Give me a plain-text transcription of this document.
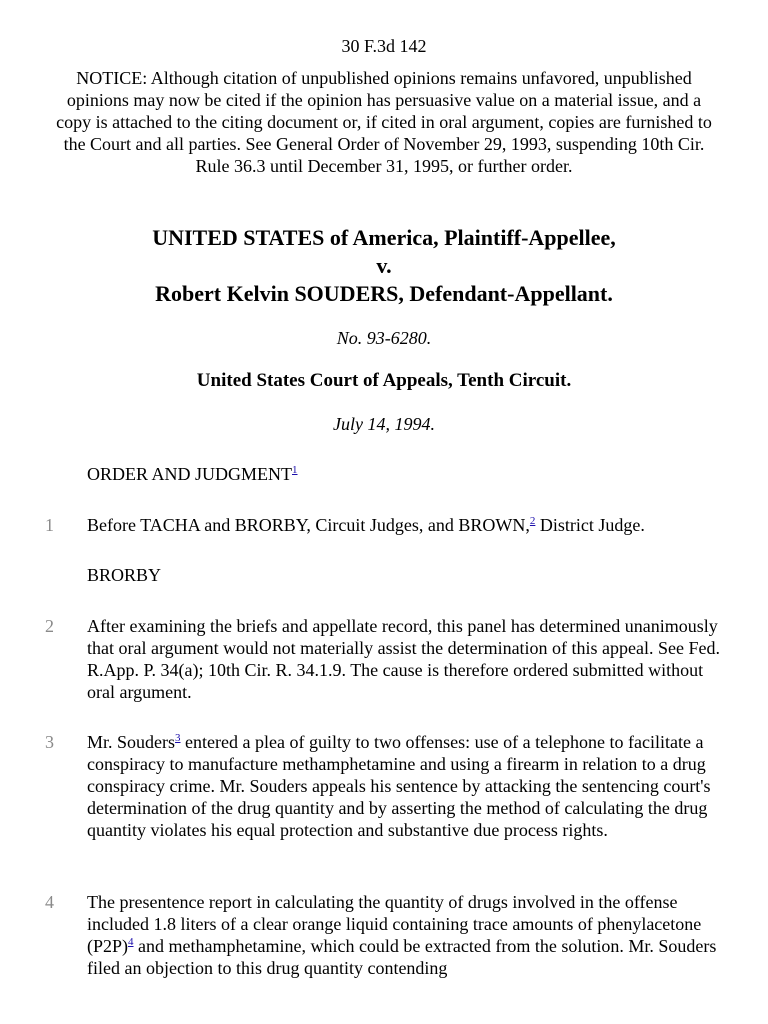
30 F.3d 142
NOTICE: Although citation of unpublished opinions remains unfavored, unpublished opinions may now be cited if the opinion has persuasive value on a material issue, and a copy is attached to the citing document or, if cited in oral argument, copies are furnished to the Court and all parties. See General Order of November 29, 1993, suspending 10th Cir. Rule 36.3 until December 31, 1995, or further order.
UNITED STATES of America, Plaintiff-Appellee,
v.
Robert Kelvin SOUDERS, Defendant-Appellant.
No. 93-6280.
United States Court of Appeals, Tenth Circuit.
July 14, 1994.
ORDER AND JUDGMENT$^1$
1	Before TACHA and BRORBY, Circuit Judges, and BROWN,$^2$ District Judge.
BRORBY
2	After examining the briefs and appellate record, this panel has determined unanimously that oral argument would not materially assist the determination of this appeal. See Fed. R.App. P. 34(a); 10th Cir. R. 34.1.9. The cause is therefore ordered submitted without oral argument.
3	Mr. Souders$^3$ entered a plea of guilty to two offenses: use of a telephone to facilitate a conspiracy to manufacture methamphetamine and using a firearm in relation to a drug conspiracy crime. Mr. Souders appeals his sentence by attacking the sentencing court's determination of the drug quantity and by asserting the method of calculating the drug quantity violates his equal protection and substantive due process rights.
4	The presentence report in calculating the quantity of drugs involved in the offense included 1.8 liters of a clear orange liquid containing trace amounts of phenylacetone (P2P)$^4$ and methamphetamine, which could be extracted from the solution. Mr. Souders filed an objection to this drug quantity contending
